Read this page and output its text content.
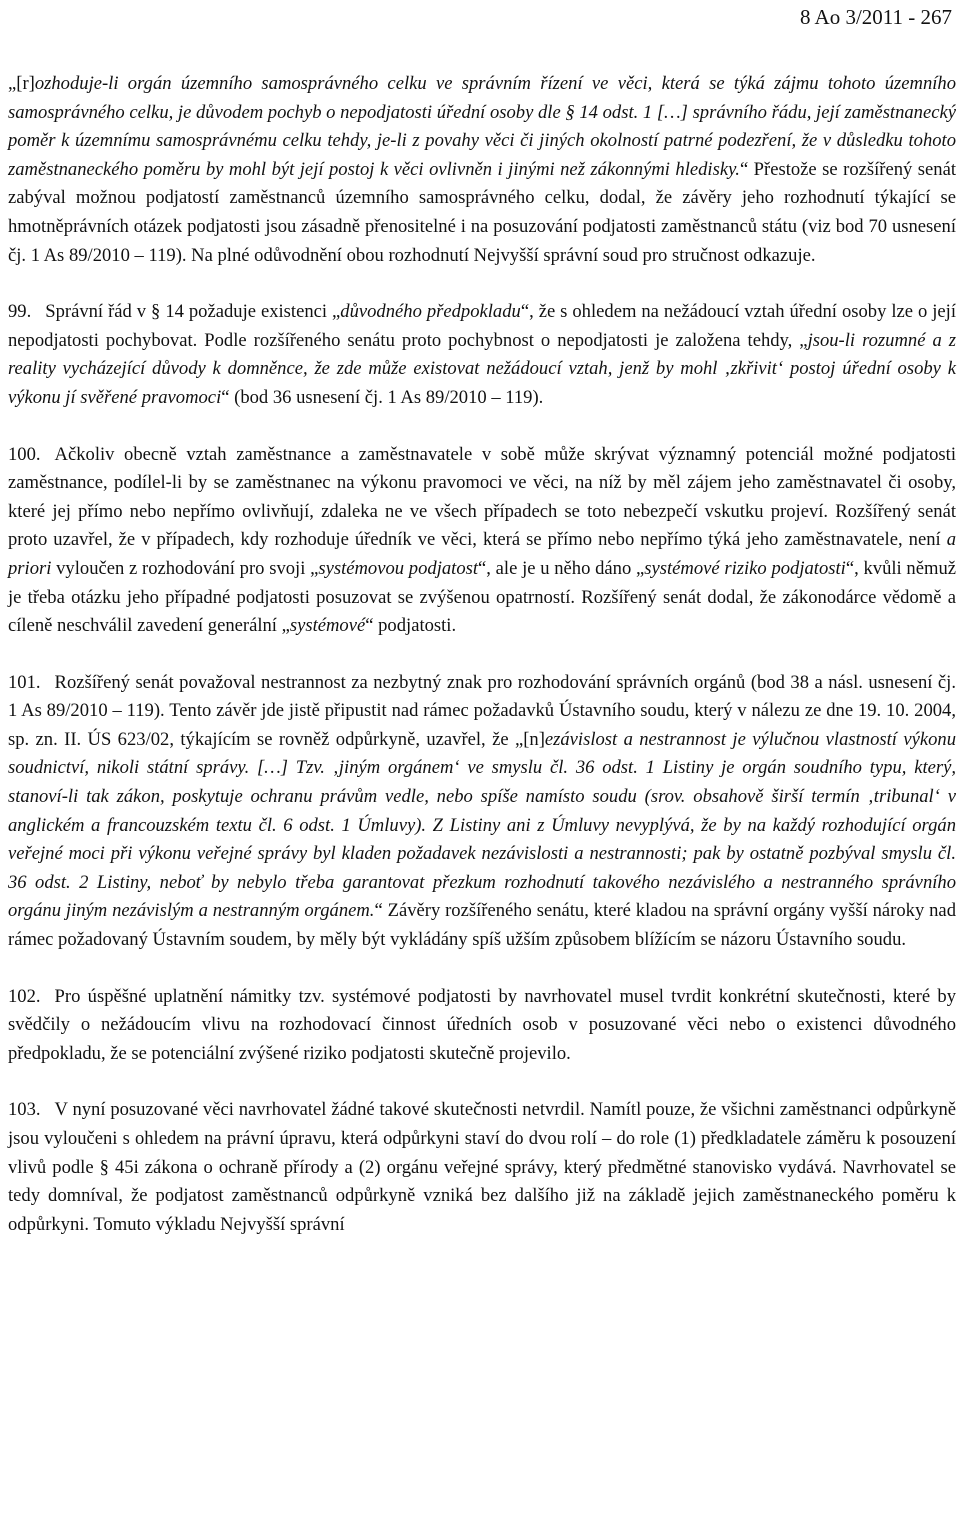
8 Ao 3/2011 - 267

„[r]ozhoduje-li orgán územního samosprávného celku ve správním řízení ve věci, která se týká zájmu tohoto územního samosprávného celku, je důvodem pochyb o nepodjatosti úřední osoby dle § 14 odst. 1 […] správního řádu, její zaměstnanecký poměr k územnímu samosprávnému celku tehdy, je-li z povahy věci či jiných okolností patrné podezření, že v důsledku tohoto zaměstnaneckého poměru by mohl být její postoj k věci ovlivněn i jinými než zákonnými hledisky.“ Přestože se rozšířený senát zabýval možnou podjatostí zaměstnanců územního samosprávného celku, dodal, že závěry jeho rozhodnutí týkající se hmotněprávních otázek podjatosti jsou zásadně přenositelné i na posuzování podjatosti zaměstnanců státu (viz bod 70 usnesení čj. 1 As 89/2010 – 119). Na plné odůvodnění obou rozhodnutí Nejvyšší správní soud pro stručnost odkazuje.

99. Správní řád v § 14 požaduje existenci „důvodného předpokladu“, že s ohledem na nežádoucí vztah úřední osoby lze o její nepodjatosti pochybovat. Podle rozšířeného senátu proto pochybnost o nepodjatosti je založena tehdy, „jsou-li rozumné a z reality vycházející důvody k domněnce, že zde může existovat nežádoucí vztah, jenž by mohl ‚zkřivit‘ postoj úřední osoby k výkonu jí svěřené pravomoci“ (bod 36 usnesení čj. 1 As 89/2010 – 119).

100. Ačkoliv obecně vztah zaměstnance a zaměstnavatele v sobě může skrývat významný potenciál možné podjatosti zaměstnance, podílel-li by se zaměstnanec na výkonu pravomoci ve věci, na níž by měl zájem jeho zaměstnavatel či osoby, které jej přímo nebo nepřímo ovlivňují, zdaleka ne ve všech případech se toto nebezpečí vskutku projeví. Rozšířený senát proto uzavřel, že v případech, kdy rozhoduje úředník ve věci, která se přímo nebo nepřímo týká jeho zaměstnavatele, není a priori vyloučen z rozhodování pro svoji „systémovou podjatost“, ale je u něho dáno „systémové riziko podjatosti“, kvůli němuž je třeba otázku jeho případné podjatosti posuzovat se zvýšenou opatrností. Rozšířený senát dodal, že zákonodárce vědomě a cíleně neschválil zavedení generální „systémové“ podjatosti.

101. Rozšířený senát považoval nestrannost za nezbytný znak pro rozhodování správních orgánů (bod 38 a násl. usnesení čj. 1 As 89/2010 – 119). Tento závěr jde jistě připustit nad rámec požadavků Ústavního soudu, který v nálezu ze dne 19. 10. 2004, sp. zn. II. ÚS 623/02, týkajícím se rovněž odpůrkyně, uzavřel, že „[n]ezávislost a nestrannost je výlučnou vlastností výkonu soudnictví, nikoli státní správy. […] Tzv. ‚jiným orgánem‘ ve smyslu čl. 36 odst. 1 Listiny je orgán soudního typu, který, stanoví-li tak zákon, poskytuje ochranu právům vedle, nebo spíše namísto soudu (srov. obsahově širší termín ‚tribunal‘ v anglickém a francouzském textu čl. 6 odst. 1 Úmluvy). Z Listiny ani z Úmluvy nevyplývá, že by na každý rozhodující orgán veřejné moci při výkonu veřejné správy byl kladen požadavek nezávislosti a nestrannosti; pak by ostatně pozbýval smyslu čl. 36 odst. 2 Listiny, neboť by nebylo třeba garantovat přezkum rozhodnutí takového nezávislého a nestranného správního orgánu jiným nezávislým a nestranným orgánem.“ Závěry rozšířeného senátu, které kladou na správní orgány vyšší nároky nad rámec požadovaný Ústavním soudem, by měly být vykládány spíš užším způsobem blížícím se názoru Ústavního soudu.

102. Pro úspěšné uplatnění námitky tzv. systémové podjatosti by navrhovatel musel tvrdit konkrétní skutečnosti, které by svědčily o nežádoucím vlivu na rozhodovací činnost úředních osob v posuzované věci nebo o existenci důvodného předpokladu, že se potenciální zvýšené riziko podjatosti skutečně projevilo.

103. V nyní posuzované věci navrhovatel žádné takové skutečnosti netvrdil. Namítl pouze, že všichni zaměstnanci odpůrkyně jsou vyloučeni s ohledem na právní úpravu, která odpůrkyni staví do dvou rolí – do role (1) předkladatele záměru k posouzení vlivů podle § 45i zákona o ochraně přírody a (2) orgánu veřejné správy, který předmětné stanovisko vydává. Navrhovatel se tedy domníval, že podjatost zaměstnanců odpůrkyně vzniká bez dalšího již na základě jejich zaměstnaneckého poměru k odpůrkyni. Tomuto výkladu Nejvyšší správní
